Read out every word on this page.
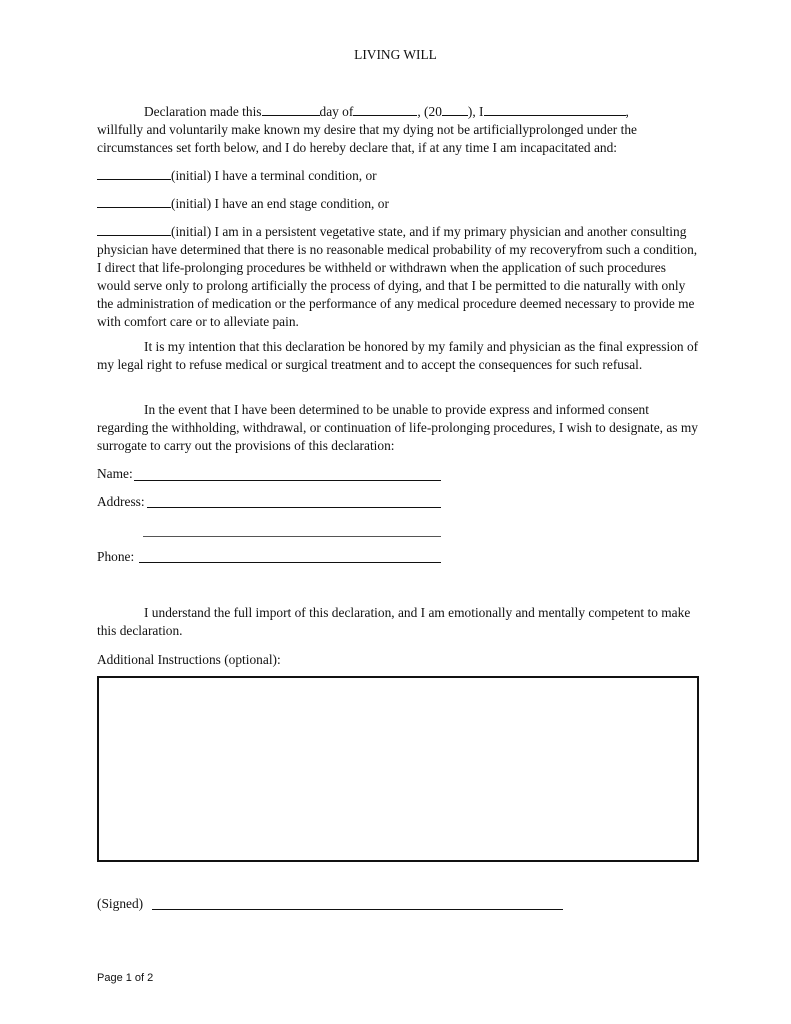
LIVING WILL
Declaration made this	day of	, (20 ), I	,
willfully and voluntarily make known my desire that my dying not be artificiallyprolonged under the circumstances set forth below, and I do hereby declare that, if at any time I am incapacitated and:
(initial) I have a terminal condition, or
(initial) I have an end stage condition, or
(initial) I am in a persistent vegetative state, and if my primary physician and another consulting physician have determined that there is no reasonable medical probability of my recoveryfrom such a condition, I direct that life-prolonging procedures be withheld or withdrawn when the application of such procedures would serve only to prolong artificially the process of dying, and that I be permitted to die naturally with only the administration of medication or the performance of any medical procedure deemed necessary to provide me with comfort care or to alleviate pain.
It is my intention that this declaration be honored by my family and physician as the final expression of my legal right to refuse medical or surgical treatment and to accept the consequences for such refusal.
In the event that I have been determined to be unable to provide express and informed consent regarding the withholding, withdrawal, or continuation of life-prolonging procedures, I wish to designate, as my surrogate to carry out the provisions of this declaration:
Name:
Address:
Phone:
I understand the full import of this declaration, and I am emotionally and mentally competent to make this declaration.
Additional Instructions (optional):
(Signed)
Page 1 of 2
